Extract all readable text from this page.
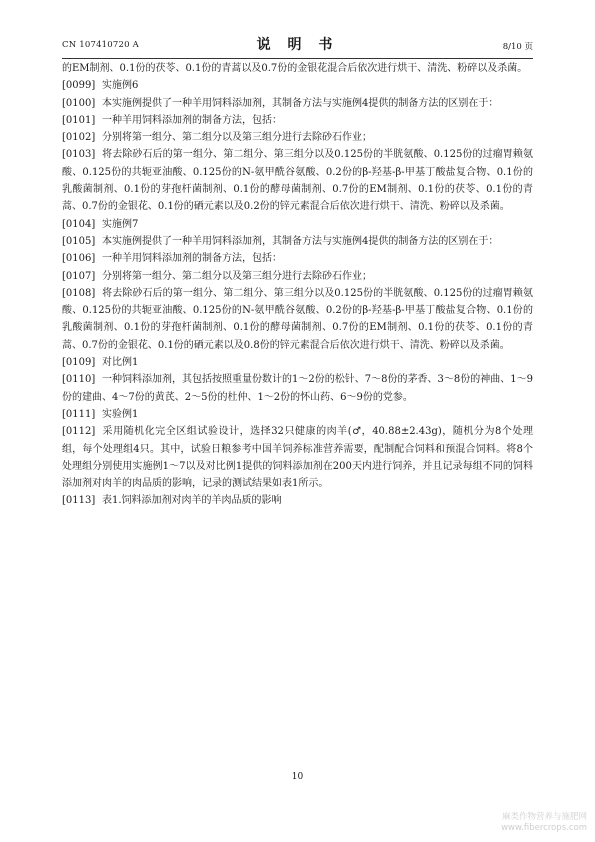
CN 107410720 A	说 明 书	8/10 页

的EM制剂、0.1份的茯苓、0.1份的青蒿以及0.7份的金银花混合后依次进行烘干、清洗、粉碎以及杀菌。

[0099] 实施例6

[0100] 本实施例提供了一种羊用饲料添加剂，其制备方法与实施例4提供的制备方法的区别在于：

[0101] 一种羊用饲料添加剂的制备方法，包括：

[0102] 分别将第一组分、第二组分以及第三组分进行去除砂石作业；

[0103] 将去除砂石后的第一组分、第二组分、第三组分以及0.125份的半胱氨酸、0.125份的过瘤胃赖氨酸、0.125份的共轭亚油酸、0.125份的N-氨甲酰谷氨酸、0.2份的β-羟基-β-甲基丁酸盐复合物、0.1份的乳酸菌制剂、0.1份的芽孢杆菌制剂、0.1份的酵母菌制剂、0.7份的EM制剂、0.1份的茯苓、0.1份的青蒿、0.7份的金银花、0.1份的硒元素以及0.2份的锌元素混合后依次进行烘干、清洗、粉碎以及杀菌。

[0104] 实施例7

[0105] 本实施例提供了一种羊用饲料添加剂，其制备方法与实施例4提供的制备方法的区别在于：

[0106] 一种羊用饲料添加剂的制备方法，包括：

[0107] 分别将第一组分、第二组分以及第三组分进行去除砂石作业；

[0108] 将去除砂石后的第一组分、第二组分、第三组分以及0.125份的半胱氨酸、0.125份的过瘤胃赖氨酸、0.125份的共轭亚油酸、0.125份的N-氨甲酰谷氨酸、0.2份的β-羟基-β-甲基丁酸盐复合物、0.1份的乳酸菌制剂、0.1份的芽孢杆菌制剂、0.1份的酵母菌制剂、0.7份的EM制剂、0.1份的茯苓、0.1份的青蒿、0.7份的金银花、0.1份的硒元素以及0.8份的锌元素混合后依次进行烘干、清洗、粉碎以及杀菌。

[0109] 对比例1

[0110] 一种饲料添加剂，其包括按照重量份数计的1～2份的松针、7～8份的茅香、3～8份的神曲、1～9份的建曲、4～7份的黄芪、2～5份的杜仲、1～2份的怀山药、6～9份的党参。

[0111] 实验例1

[0112] 采用随机化完全区组试验设计，选择32只健康的肉羊(♂，40.88±2.43g)，随机分为8个处理组，每个处理组4只。其中，试验日粮参考中国羊饲养标准营养需要，配制配合饲料和预混合饲料。将8个处理组分别使用实施例1～7以及对比例1提供的饲料添加剂在200天内进行饲养，并且记录每组不同的饲料添加剂对肉羊的肉品质的影响，记录的测试结果如表1所示。

[0113] 表1.饲料添加剂对肉羊的羊肉品质的影响

10
麻类作物营养与施肥网
www.fibercrops.com
